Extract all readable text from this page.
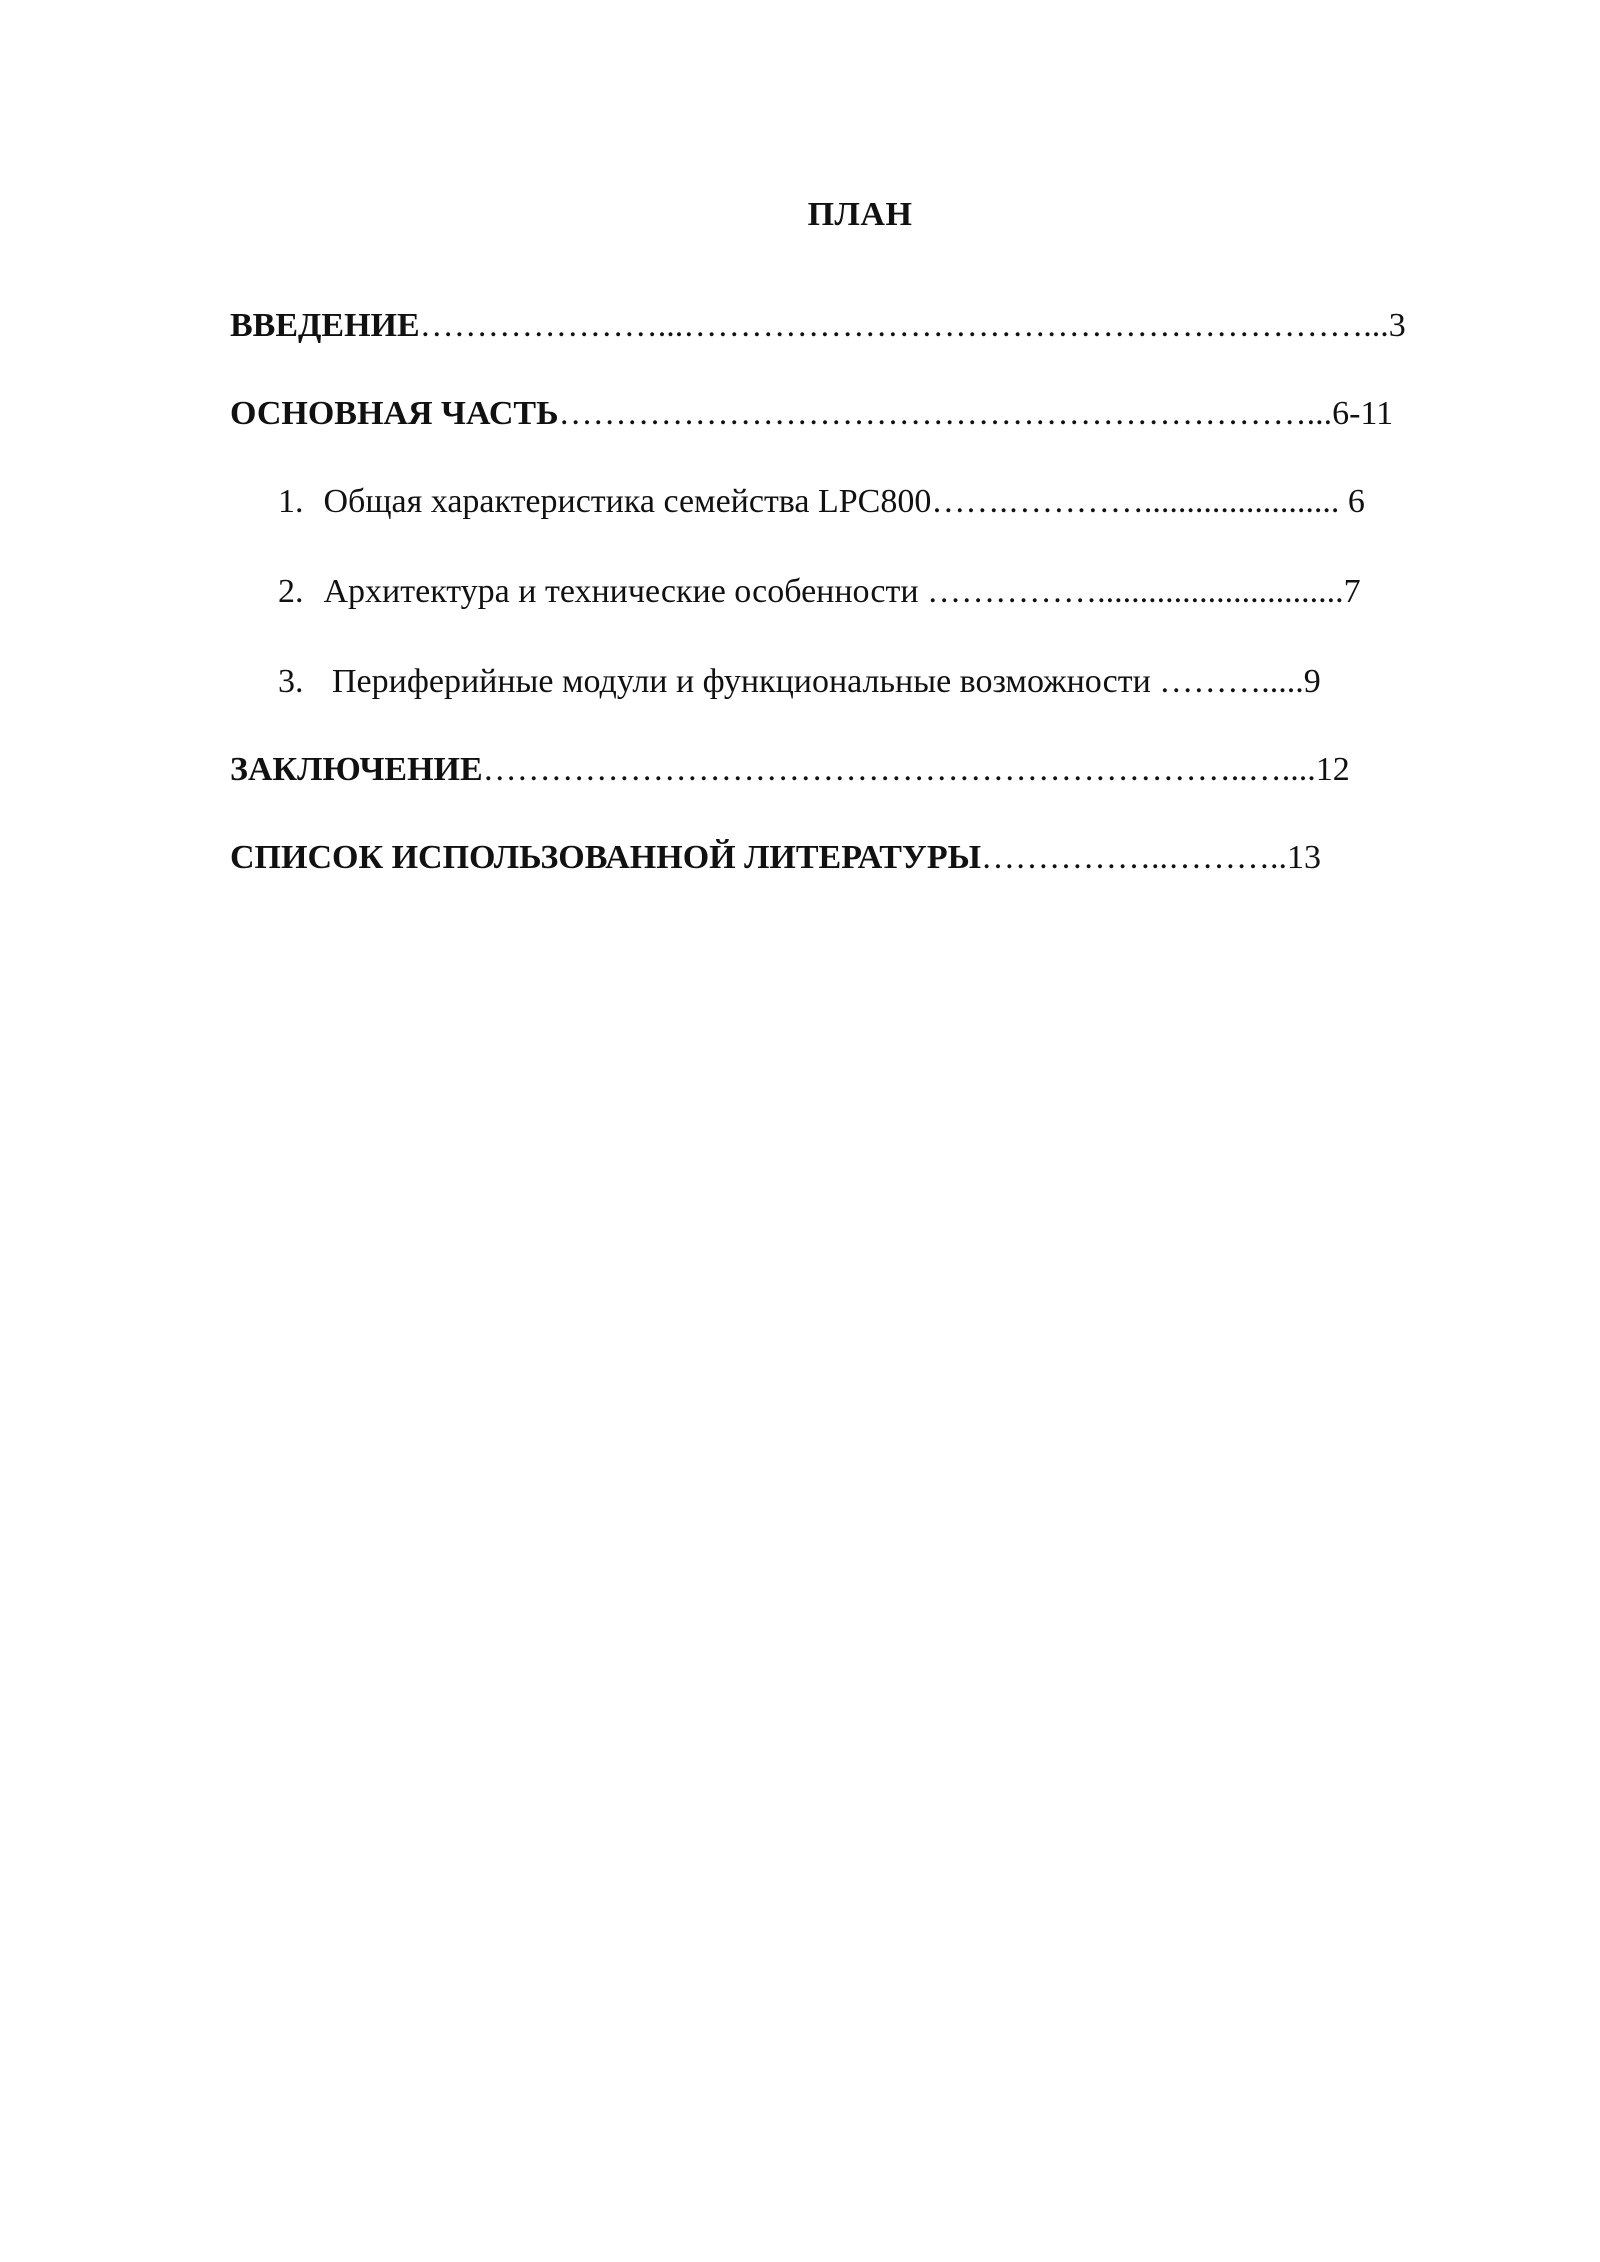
ПЛАН
ВВЕДЕНИЕ…………………...……………………………………………………...3
ОСНОВНАЯ ЧАСТЬ…………………………………………………………...6-11
1. Общая характеристика семейства LPC800…….…………....................... 6
2. Архитектура и технические особенности …………….............................7
3. Периферийные модули и функциональные возможности ……….....9
ЗАКЛЮЧЕНИЕ…………………………………………………………..…....12
СПИСОК ИСПОЛЬЗОВАННОЙ ЛИТЕРАТУРЫ……………..………..13
